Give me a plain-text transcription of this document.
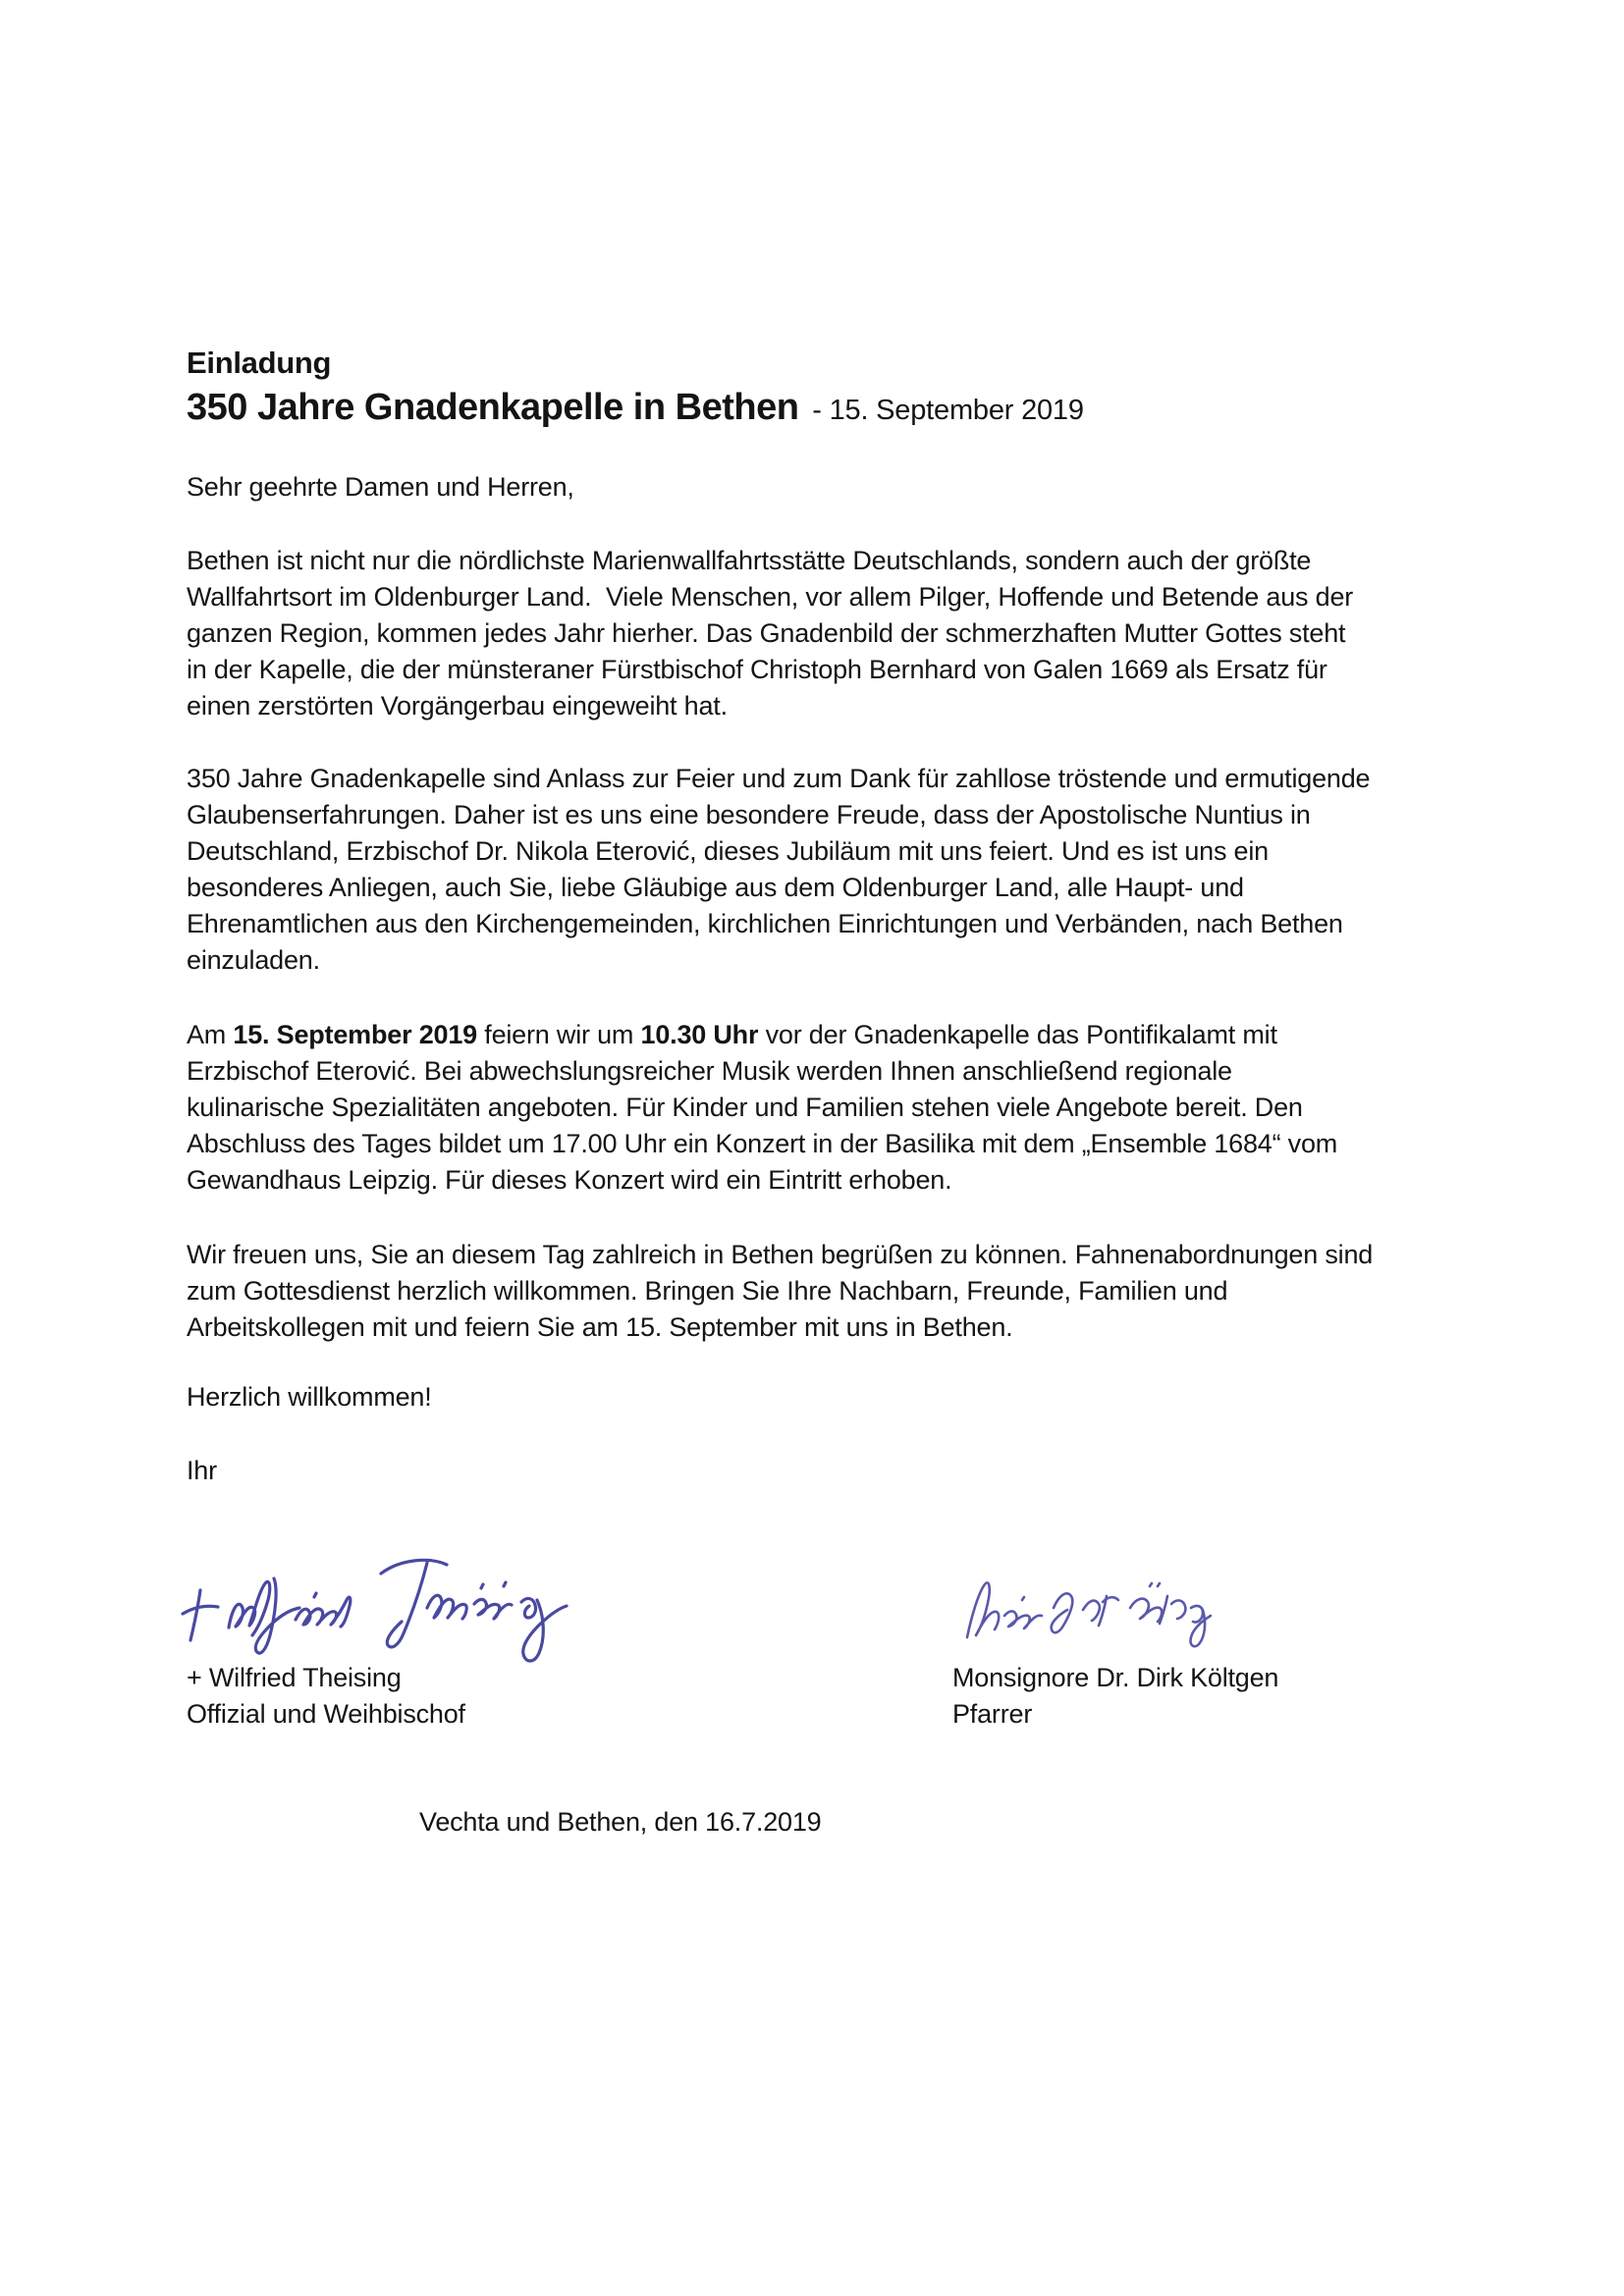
Einladung
350 Jahre Gnadenkapelle in Bethen - 15. September 2019
Sehr geehrte Damen und Herren,
Bethen ist nicht nur die nördlichste Marienwallfahrtsstätte Deutschlands, sondern auch der größte
Wallfahrtsort im Oldenburger Land.  Viele Menschen, vor allem Pilger, Hoffende und Betende aus der
ganzen Region, kommen jedes Jahr hierher. Das Gnadenbild der schmerzhaften Mutter Gottes steht
in der Kapelle, die der münsteraner Fürstbischof Christoph Bernhard von Galen 1669 als Ersatz für
einen zerstörten Vorgängerbau eingeweiht hat.
350 Jahre Gnadenkapelle sind Anlass zur Feier und zum Dank für zahllose tröstende und ermutigende
Glaubenserfahrungen. Daher ist es uns eine besondere Freude, dass der Apostolische Nuntius in
Deutschland, Erzbischof Dr. Nikola Eterović, dieses Jubiläum mit uns feiert. Und es ist uns ein
besonderes Anliegen, auch Sie, liebe Gläubige aus dem Oldenburger Land, alle Haupt- und
Ehrenamtlichen aus den Kirchengemeinden, kirchlichen Einrichtungen und Verbänden, nach Bethen
einzuladen.
Am 15. September 2019 feiern wir um 10.30 Uhr vor der Gnadenkapelle das Pontifikalamt mit
Erzbischof Eterović. Bei abwechslungsreicher Musik werden Ihnen anschließend regionale
kulinarische Spezialitäten angeboten. Für Kinder und Familien stehen viele Angebote bereit. Den
Abschluss des Tages bildet um 17.00 Uhr ein Konzert in der Basilika mit dem „Ensemble 1684“ vom
Gewandhaus Leipzig. Für dieses Konzert wird ein Eintritt erhoben.
Wir freuen uns, Sie an diesem Tag zahlreich in Bethen begrüßen zu können. Fahnenabordnungen sind
zum Gottesdienst herzlich willkommen. Bringen Sie Ihre Nachbarn, Freunde, Familien und
Arbeitskollegen mit und feiern Sie am 15. September mit uns in Bethen.
Herzlich willkommen!
Ihr
+ Wilfried Theising
Offizial und Weihbischof
Monsignore Dr. Dirk Költgen
Pfarrer
Vechta und Bethen, den 16.7.2019
